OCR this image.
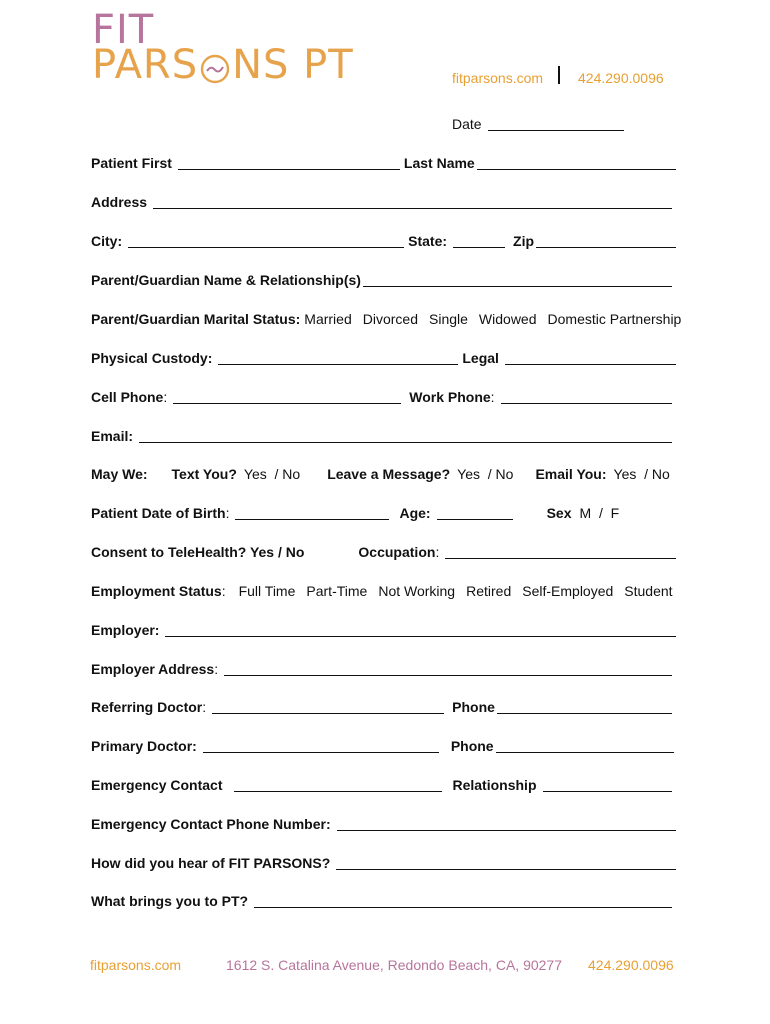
FIT
PARS NS PT	fitparsons.com 424.290.0096
Date
Patient First	Last Name
Address
City:	State:	Zip
Parent/Guardian Name & Relationship(s)
Parent/Guardian Marital Status: Married Divorced Single Widowed Domestic Partnership
Physical Custody:	Legal
Cell Phone :	Work Phone :
Email:
May We: Text You? Yes  / No Leave a Message? Yes  / No Email You: Yes  / No
Patient Date of Birth :	Age:	Sex M  /  F
Consent to TeleHealth? Yes / No	Occupation :
Employment Status : Full Time Part-Time Not Working Retired Self-Employed Student
Employer:
Employer Address :
Referring Doctor :	Phone
Primary Doctor:	Phone
Emergency Contact	Relationship
Emergency Contact Phone Number:
How did you hear of FIT PARSONS?
What brings you to PT?
fitparsons.com	1612 S. Catalina Avenue, Redondo Beach, CA, 90277 424.290.0096
